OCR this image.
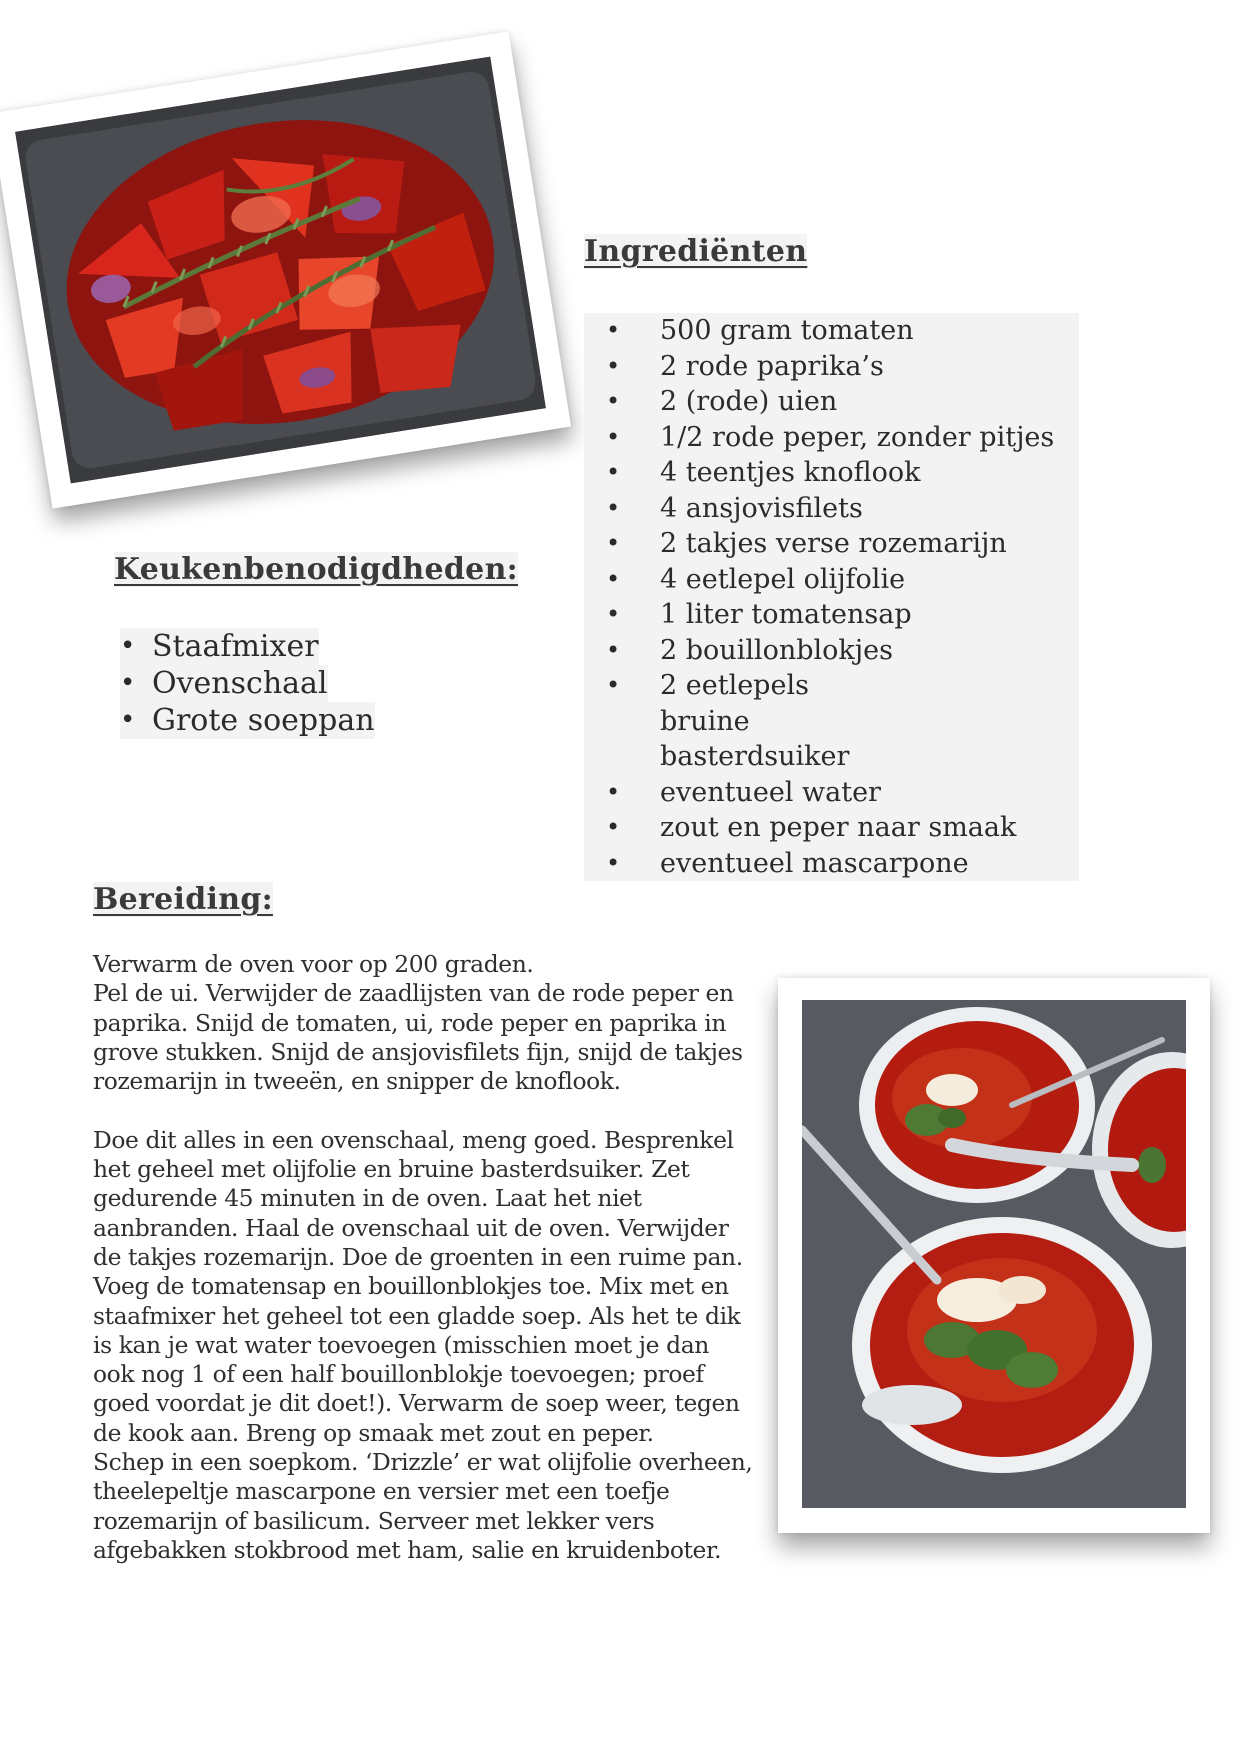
Keukenbenodigdheden:
• Staafmixer
• Ovenschaal
• Grote soeppan
Ingrediënten
• 500 gram tomaten
• 2 rode paprika’s
• 2 (rode) uien
• 1/2 rode peper, zonder pitjes
• 4 teentjes knoflook
• 4 ansjovisfilets
• 2 takjes verse rozemarijn
• 4 eetlepel olijfolie
• 1 liter tomatensap
• 2 bouillonblokjes
• 2 eetlepels bruine basterdsuiker
• eventueel water
• zout en peper naar smaak
• eventueel mascarpone
Bereiding:

Verwarm de oven voor op 200 graden.

Pel de ui. Verwijder de zaadlijsten van de rode peper en paprika. Snijd de tomaten, ui, rode peper en paprika in grove stukken. Snijd de ansjovisfilets fijn, snijd de takjes rozemarijn in tweeën, en snipper de knoflook.

Doe dit alles in een ovenschaal, meng goed. Besprenkel het geheel met olijfolie en bruine basterdsuiker. Zet gedurende 45 minuten in de oven. Laat het niet aanbranden. Haal de ovenschaal uit de oven. Verwijder de takjes rozemarijn. Doe de groenten in een ruime pan. Voeg de tomatensap en bouillonblokjes toe. Mix met en staafmixer het geheel tot een gladde soep. Als het te dik is kan je wat water toevoegen (misschien moet je dan ook nog 1 of een half bouillonblokje toevoegen; proef goed voordat je dit doet!). Verwarm de soep weer, tegen de kook aan. Breng op smaak met zout en peper.

Schep in een soepkom. ‘Drizzle’ er wat olijfolie overheen, theelepeltje mascarpone en versier met een toefje rozemarijn of basilicum. Serveer met lekker vers afgebakken stokbrood met ham, salie en kruidenboter.
